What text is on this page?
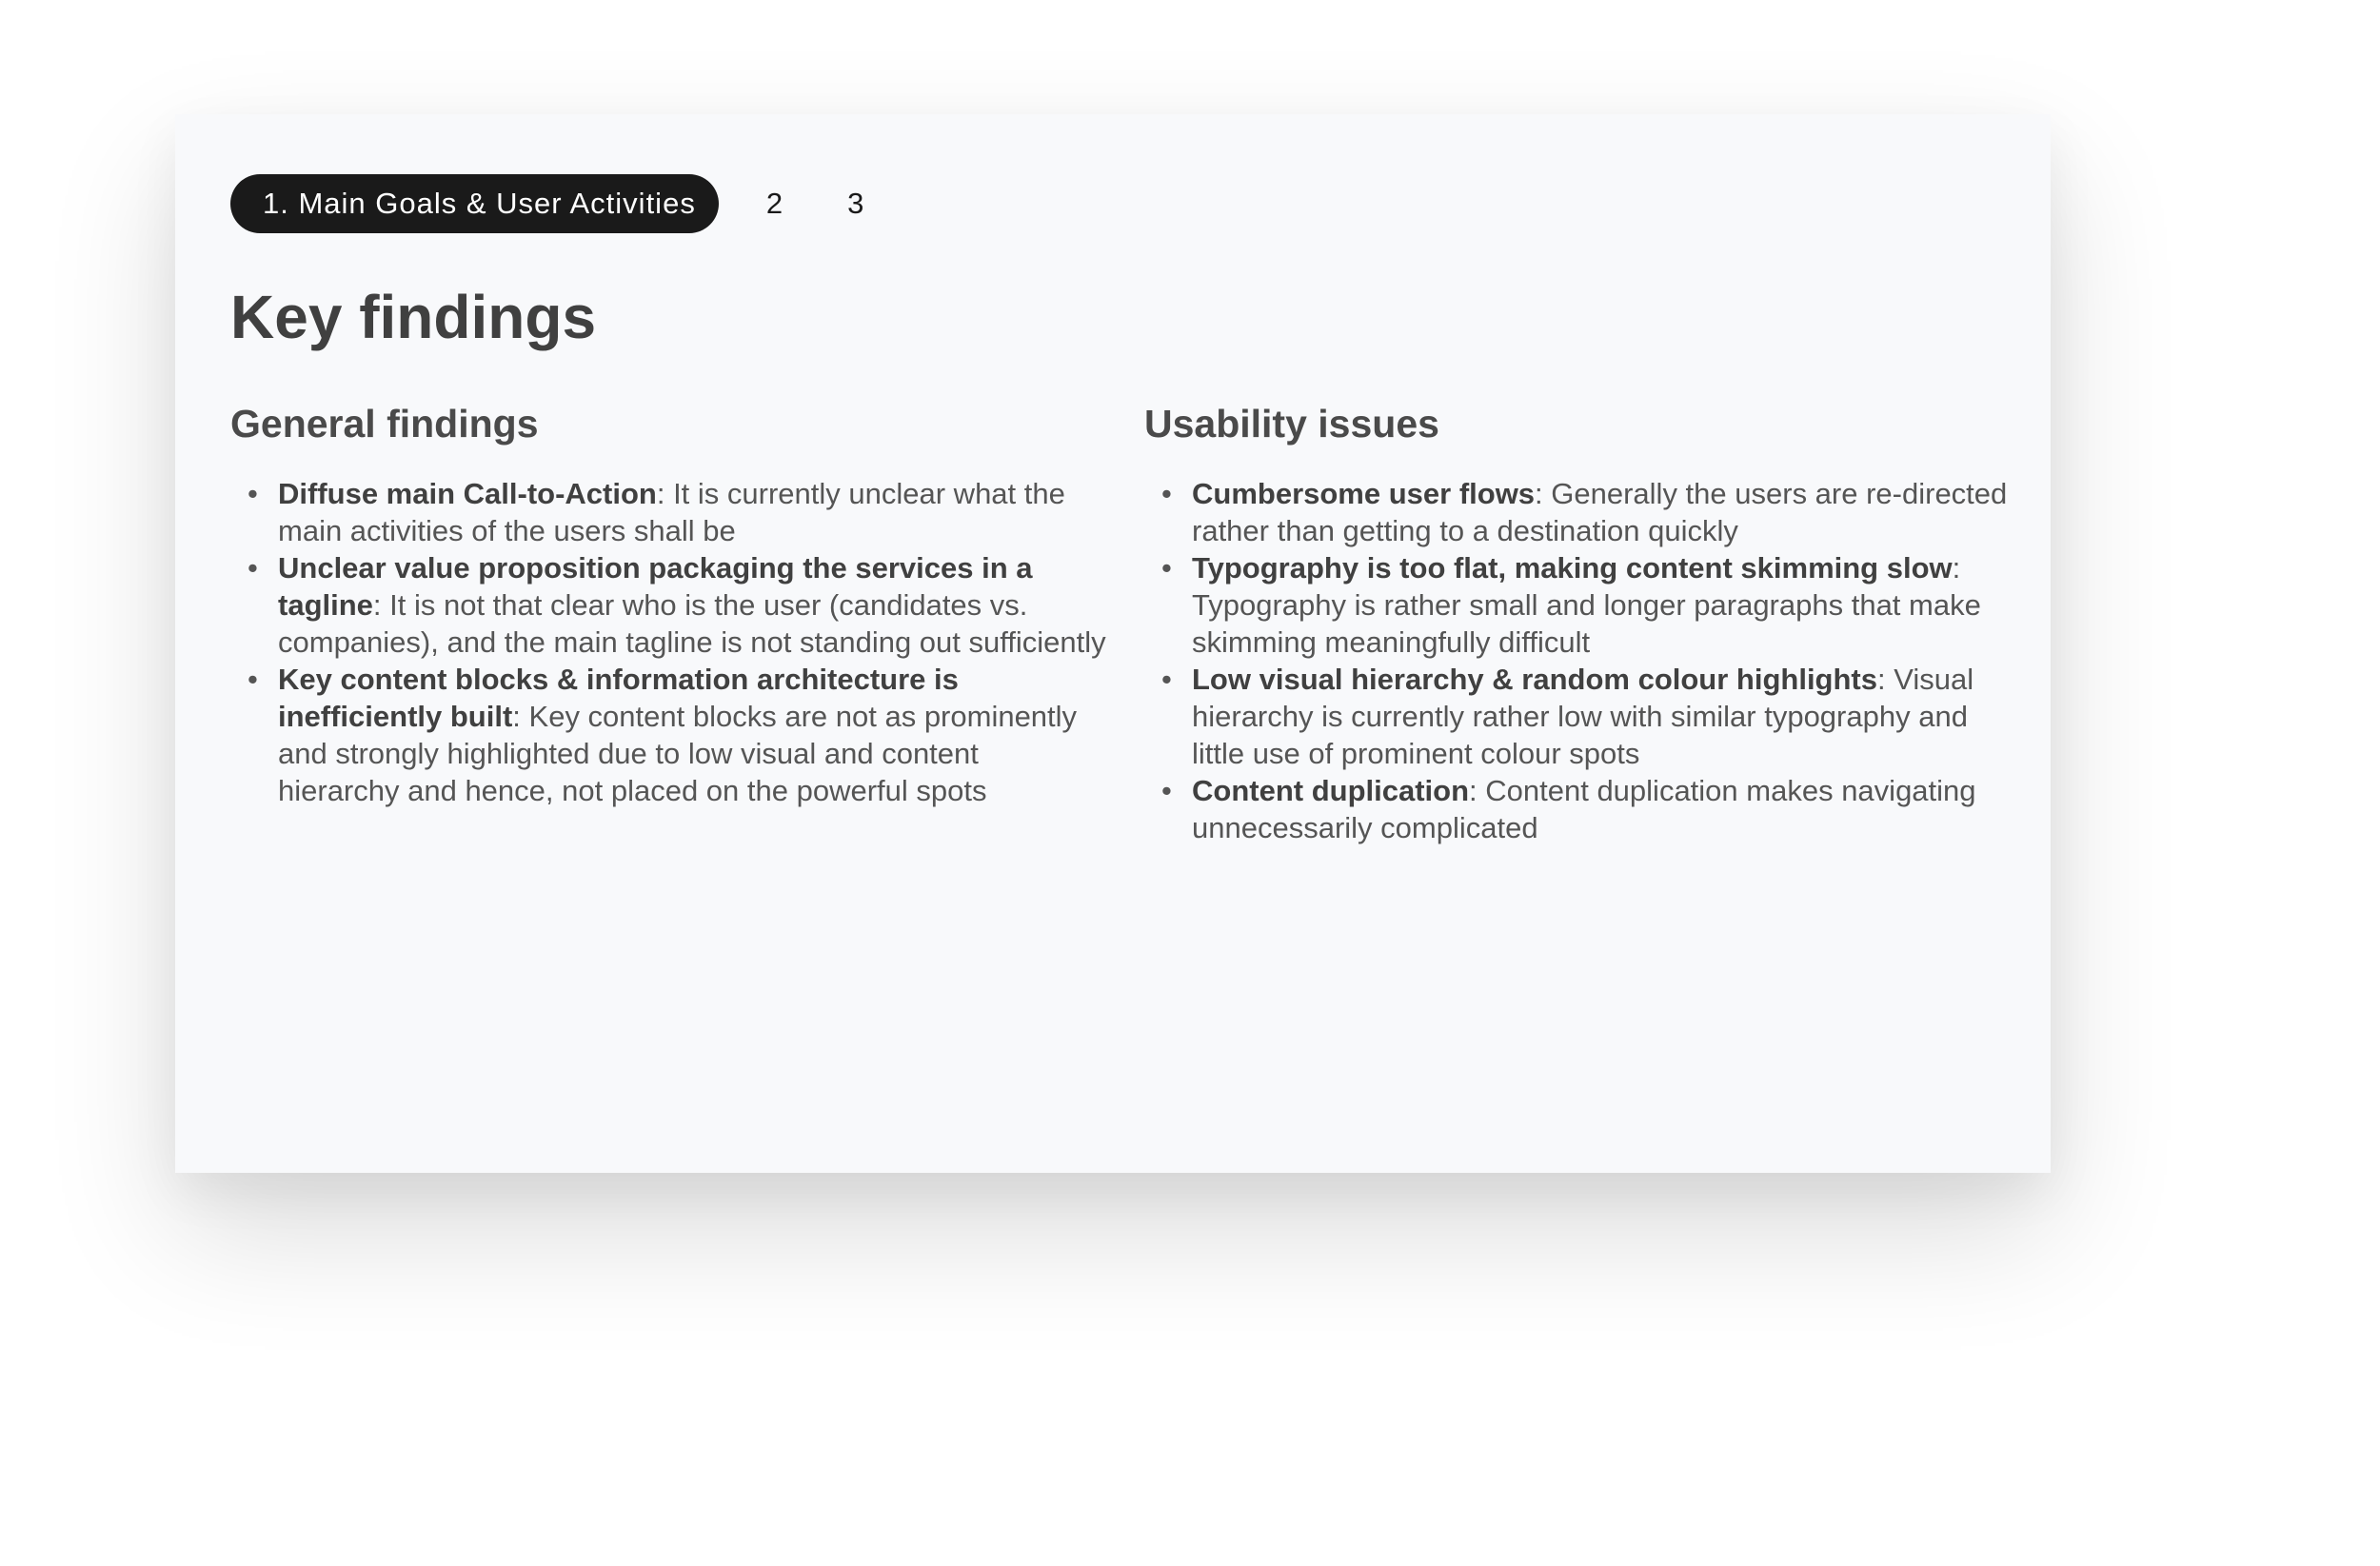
1. Main Goals & User Activities	2 3
Key findings
General findings
• Diffuse main Call-to-Action: It is currently unclear what the main activities of the users shall be
• Unclear value proposition packaging the services in a tagline: It is not that clear who is the user (candidates vs. companies), and the main tagline is not standing out sufficiently
• Key content blocks & information architecture is inefficiently built: Key content blocks are not as prominently and strongly highlighted due to low visual and content hierarchy and hence, not placed on the powerful spots
Usability issues
• Cumbersome user flows: Generally the users are re-directed rather than getting to a destination quickly
• Typography is too flat, making content skimming slow: Typography is rather small and longer paragraphs that make skimming meaningfully difficult
• Low visual hierarchy & random colour highlights: Visual hierarchy is currently rather low with similar typography and little use of prominent colour spots
• Content duplication: Content duplication makes navigating unnecessarily complicated
